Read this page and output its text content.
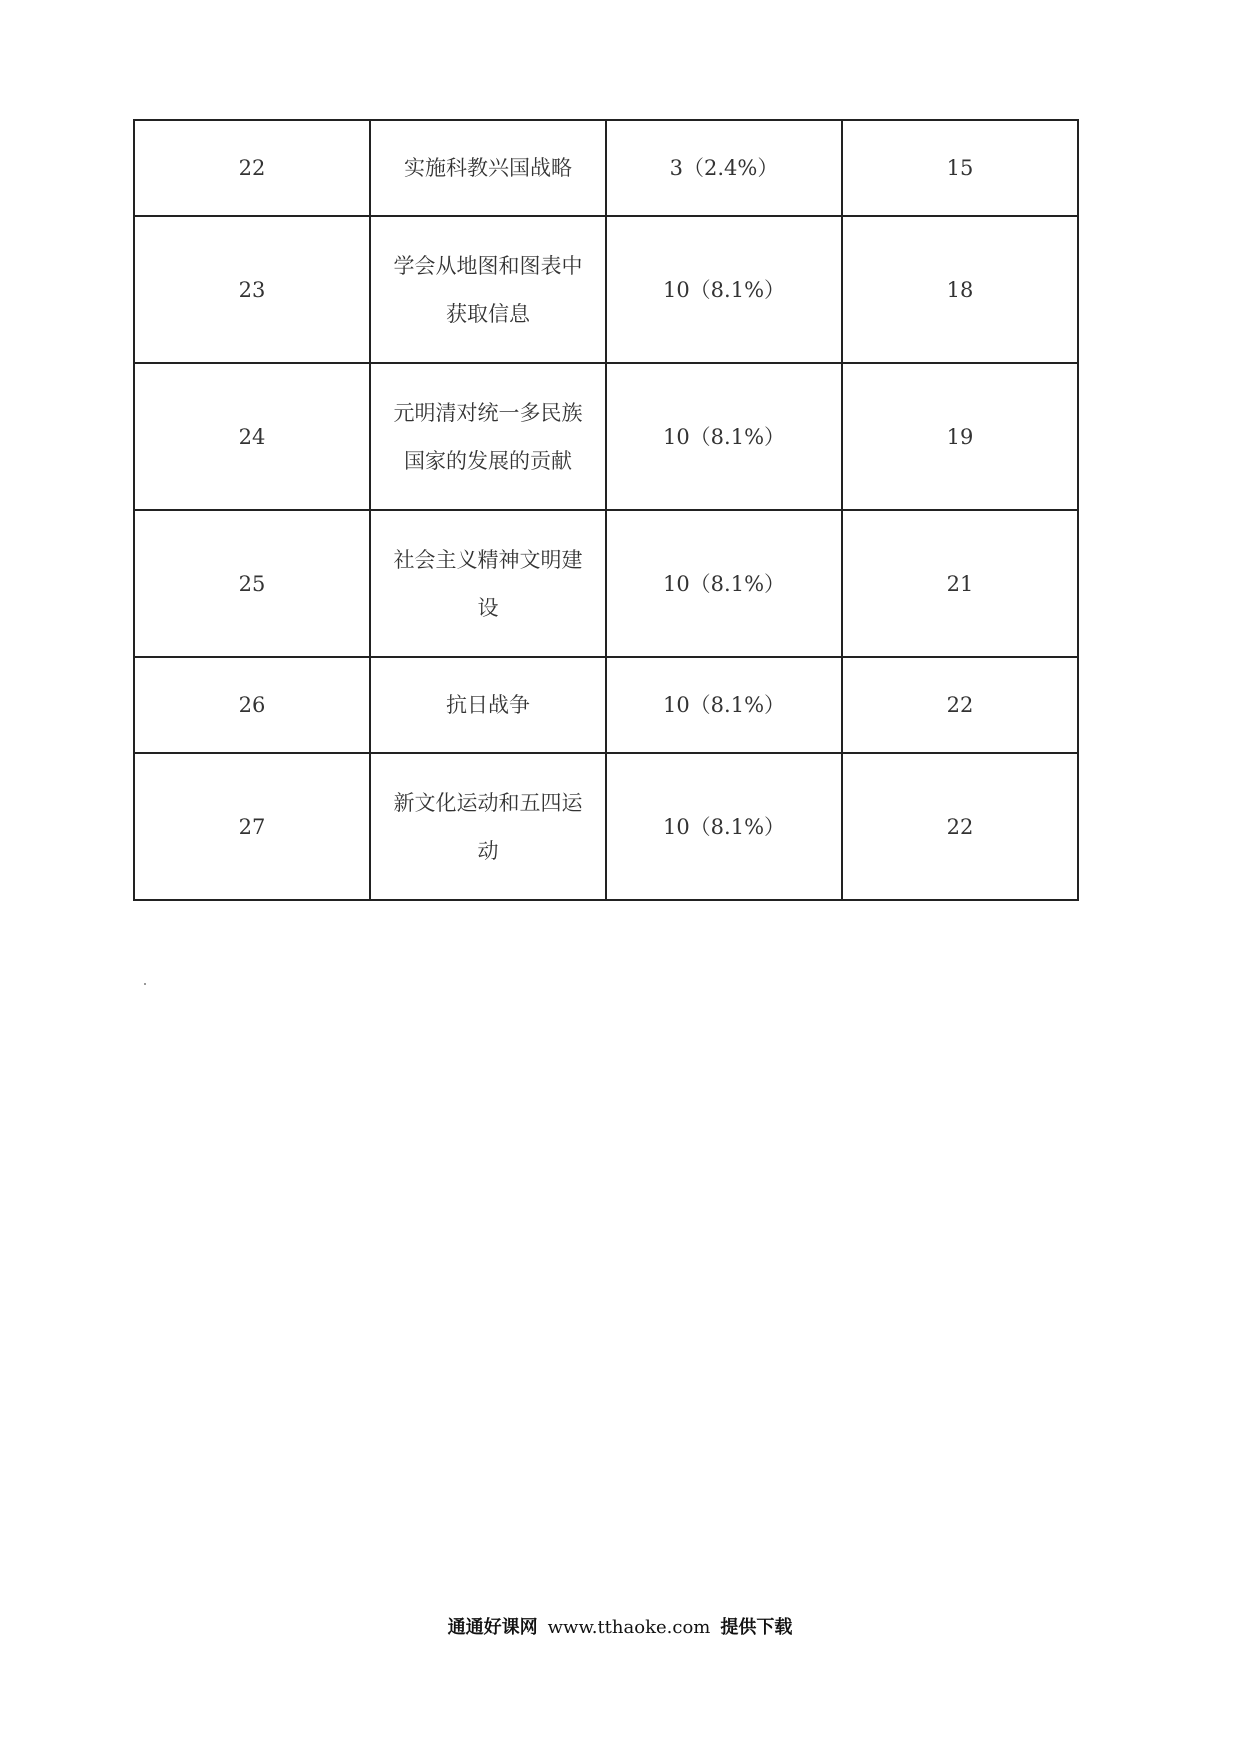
22	实施科教兴国战略	3（2.4%）	15
23	学会从地图和图表中获取信息	10（8.1%）	18
24	元明清对统一多民族国家的发展的贡献	10（8.1%）	19
25	社会主义精神文明建设	10（8.1%）	21
26	抗日战争	10（8.1%）	22
27	新文化运动和五四运动	10（8.1%）	22
通通好课网 www.tthaoke.com 提供下载
